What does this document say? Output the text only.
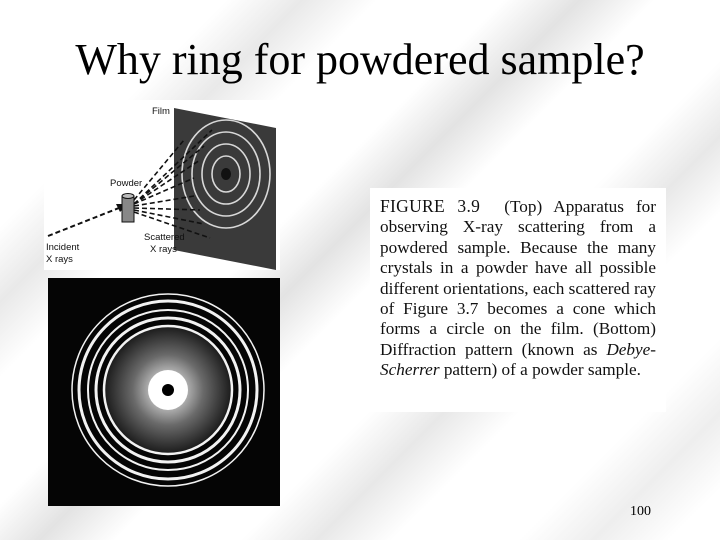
Why ring for powdered sample?
Film
Powder
Incident
X rays
Scattered
X rays
FIGURE 3.9 (Top) Apparatus for observing X-ray scattering from a powdered sample. Because the many crystals in a powder have all possible different orientations, each scattered ray of Figure 3.7 becomes a cone which forms a circle on the film. (Bottom) Diffraction pattern (known as Debye-Scherrer pattern) of a powder sample.
100
